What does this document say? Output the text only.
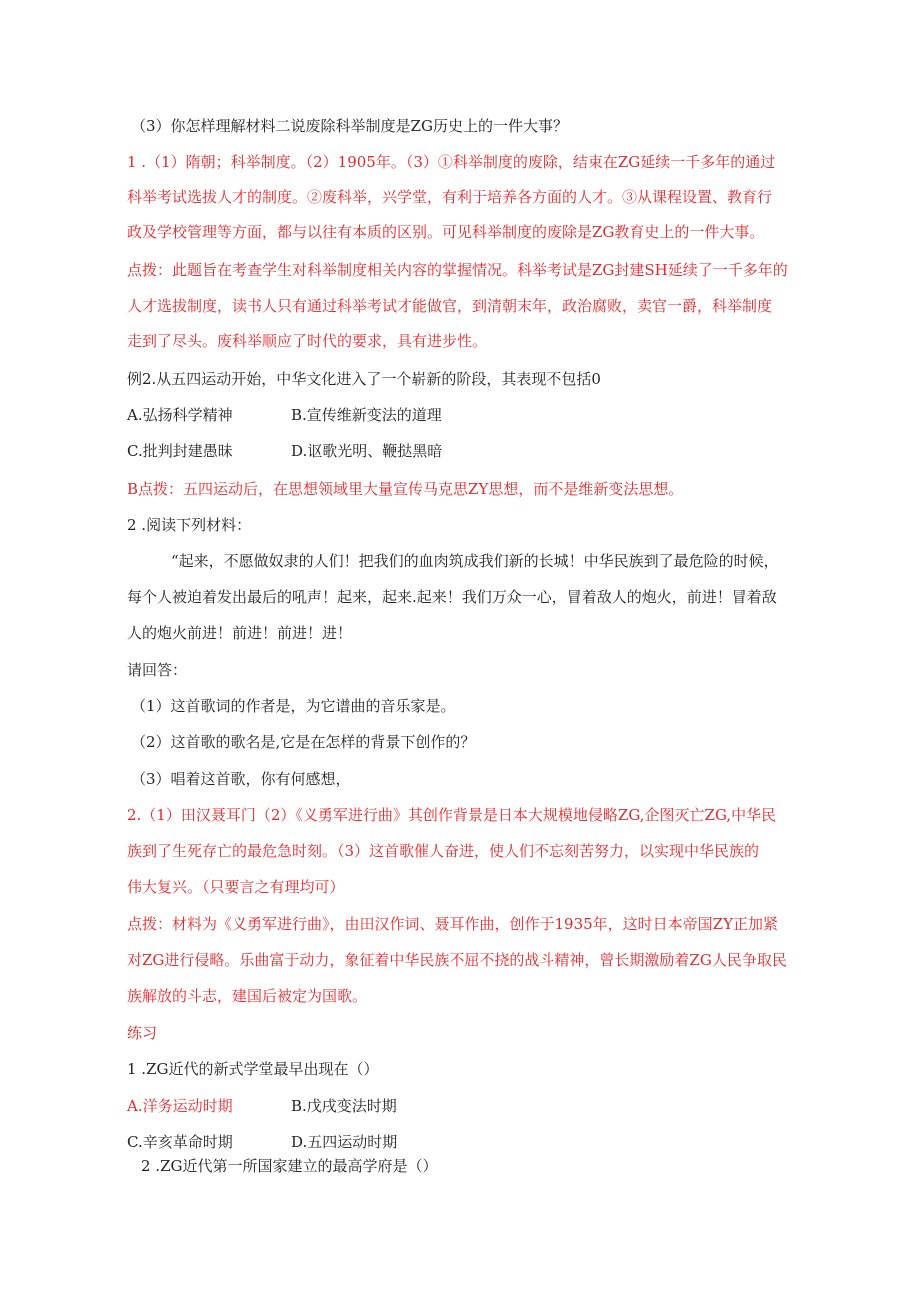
（3）你怎样理解材料二说废除科举制度是ZG历史上的一件大事？
1 .（1）隋朝；科举制度。（2）1905年。（3）①科举制度的废除，结束在ZG延续一千多年的通过
科举考试选拔人才的制度。②废科举，兴学堂，有利于培养各方面的人才。③从课程设置、教育行
政及学校管理等方面，都与以往有本质的区别。可见科举制度的废除是ZG教育史上的一件大事。
点拨：此题旨在考查学生对科举制度相关内容的掌握情况。科举考试是ZG封建SH延续了一千多年的
人才选拔制度，读书人只有通过科举考试才能做官，到清朝末年，政治腐败，卖官一爵，科举制度
走到了尽头。废科举顺应了时代的要求，具有进步性。
例2.从五四运动开始，中华文化进入了一个崭新的阶段，其表现不包括0
A.弘扬科学精神	B.宣传维新变法的道理
C.批判封建愚昧	D.讴歌光明、鞭挞黑暗
B点拨：五四运动后，在思想领域里大量宣传马克思ZY思想，而不是维新变法思想。
2 .阅读下列材料：
“起来，不愿做奴隶的人们！把我们的血肉筑成我们新的长城！中华民族到了最危险的时候，
每个人被迫着发出最后的吼声！起来，起来.起来！我们万众一心，冒着敌人的炮火，前进！冒着敌
人的炮火前进！前进！前进！进！
请回答：
（1）这首歌词的作者是，为它谱曲的音乐家是。
（2）这首歌的歌名是,它是在怎样的背景下创作的？
（3）唱着这首歌，你有何感想，
2.（1）田汉聂耳门（2）《义勇军进行曲》其创作背景是日本大规模地侵略ZG,企图灭亡ZG,中华民
族到了生死存亡的最危急时刻。（3）这首歌催人奋进，使人们不忘刻苦努力，以实现中华民族的
伟大复兴。（只要言之有理均可）
点拨：材料为《义勇军进行曲》，由田汉作词、聂耳作曲，创作于1935年，这时日本帝国ZY正加紧
对ZG进行侵略。乐曲富于动力，象征着中华民族不屈不挠的战斗精神，曾长期激励着ZG人民争取民
族解放的斗志，建国后被定为国歌。
练习
1 .ZG近代的新式学堂最早出现在（）
A.洋务运动时期	B.戊戌变法时期
C.辛亥革命时期	D.五四运动时期
2 .ZG近代第一所国家建立的最高学府是（）
